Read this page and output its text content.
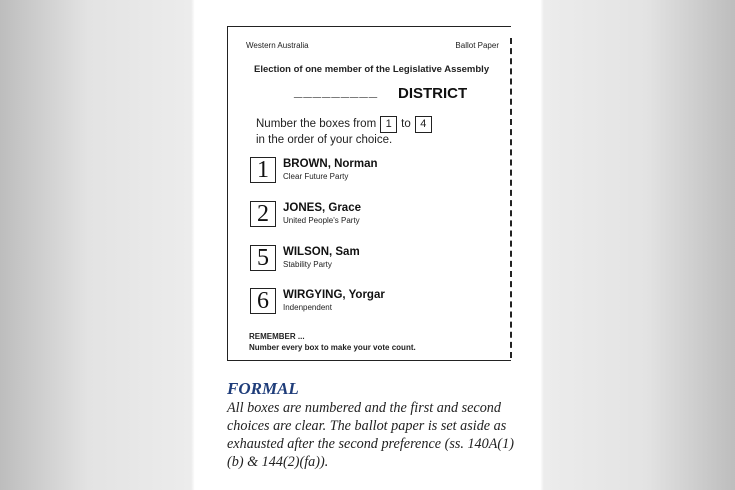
Western Australia	Ballot Paper
Election of one member of the Legislative Assembly
_________ DISTRICT
Number the boxes from 1 to 4
in the order of your choice.
1	BROWN, Norman
Clear Future Party
2	JONES, Grace
United People's Party
5	WILSON, Sam
Stability Party
6	WIRGYING, Yorgar
Indenpendent
REMEMBER ...
Number every box to make your vote count.
FORMAL
All boxes are numbered and the first and second choices are clear. The ballot paper is set aside as exhausted after the second preference (ss. 140A(1)(b) & 144(2)(fa)).
